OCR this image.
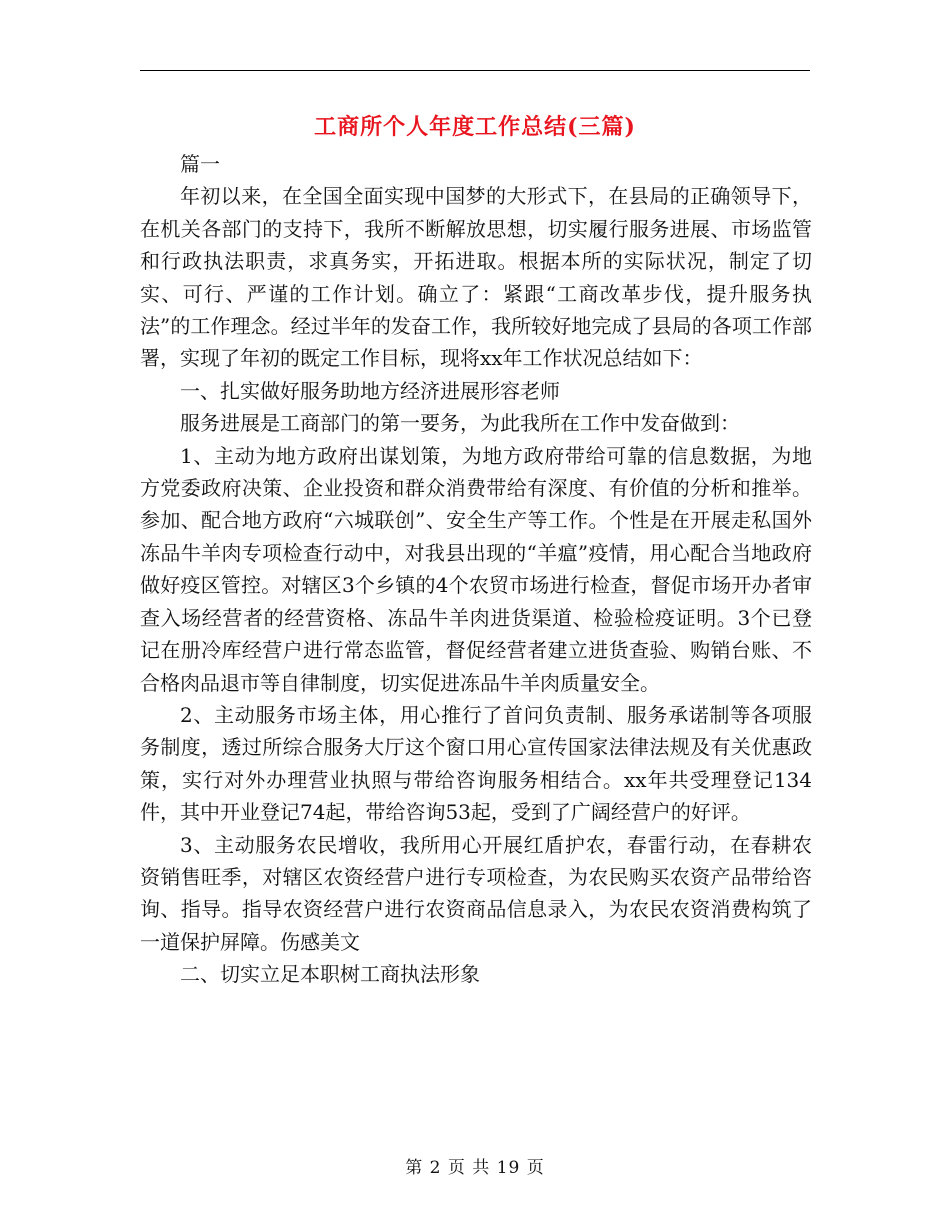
工商所个人年度工作总结(三篇)

篇一

年初以来，在全国全面实现中国梦的大形式下，在县局的正确领导下，在机关各部门的支持下，我所不断解放思想，切实履行服务进展、市场监管和行政执法职责，求真务实，开拓进取。根据本所的实际状况，制定了切实、可行、严谨的工作计划。确立了：紧跟“工商改革步伐，提升服务执法”的工作理念。经过半年的发奋工作，我所较好地完成了县局的各项工作部署，实现了年初的既定工作目标，现将xx年工作状况总结如下：

一、扎实做好服务助地方经济进展形容老师

服务进展是工商部门的第一要务，为此我所在工作中发奋做到：

1、主动为地方政府出谋划策，为地方政府带给可靠的信息数据，为地方党委政府决策、企业投资和群众消费带给有深度、有价值的分析和推举。参加、配合地方政府“六城联创”、安全生产等工作。个性是在开展走私国外冻品牛羊肉专项检查行动中，对我县出现的“羊瘟”疫情，用心配合当地政府做好疫区管控。对辖区3个乡镇的4个农贸市场进行检查，督促市场开办者审查入场经营者的经营资格、冻品牛羊肉进货渠道、检验检疫证明。3个已登记在册冷库经营户进行常态监管，督促经营者建立进货查验、购销台账、不合格肉品退市等自律制度，切实促进冻品牛羊肉质量安全。

2、主动服务市场主体，用心推行了首问负责制、服务承诺制等各项服务制度，透过所综合服务大厅这个窗口用心宣传国家法律法规及有关优惠政策，实行对外办理营业执照与带给咨询服务相结合。xx年共受理登记134件，其中开业登记74起，带给咨询53起，受到了广阔经营户的好评。

3、主动服务农民增收，我所用心开展红盾护农，春雷行动，在春耕农资销售旺季，对辖区农资经营户进行专项检查，为农民购买农资产品带给咨询、指导。指导农资经营户进行农资商品信息录入，为农民农资消费构筑了一道保护屏障。伤感美文

二、切实立足本职树工商执法形象

第 2 页 共 19 页
